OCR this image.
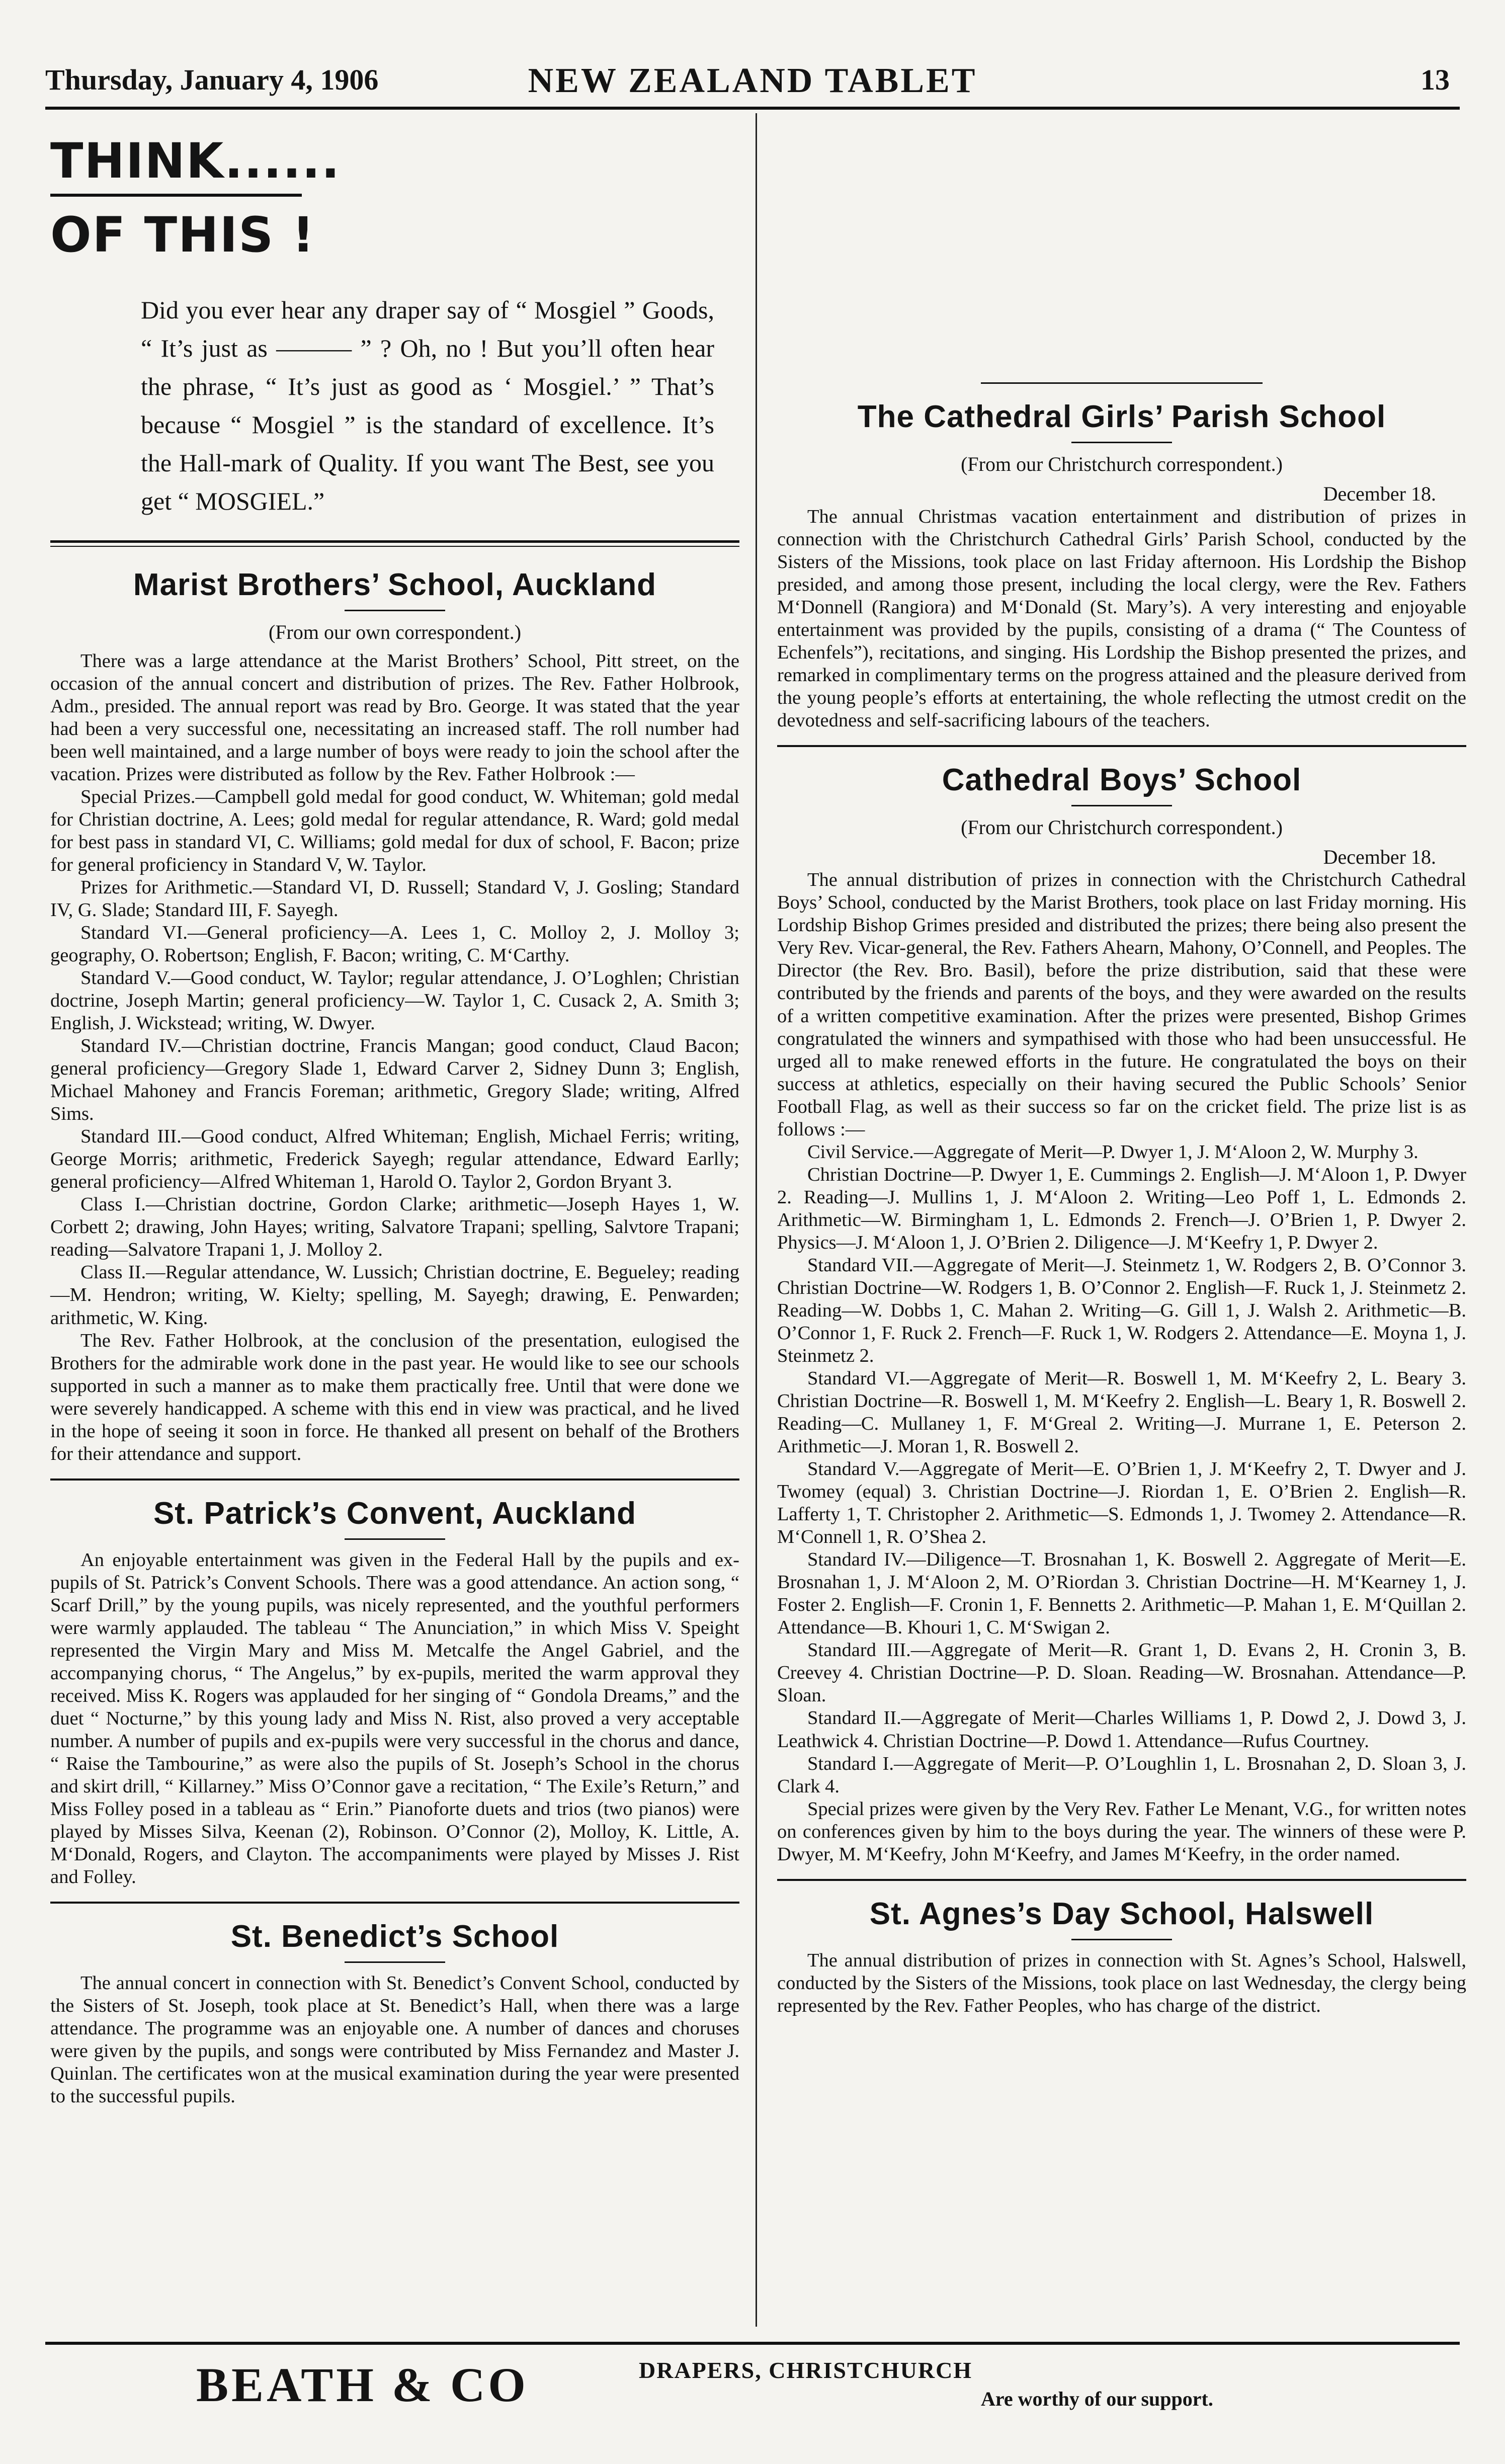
Thursday, January 4, 1906	NEW ZEALAND TABLET	13
THINK......
OF THIS !
Did you ever hear any draper say of “ Mosgiel ” Goods, “ It’s just as ——— ” ? Oh, no ! But you’ll often hear the phrase, “ It’s just as good as ‘ Mosgiel.’ ” That’s because “ Mosgiel ” is the standard of excellence. It’s the Hall-mark of Quality. If you want The Best, see you get “ MOSGIEL.”
Marist Brothers’ School, Auckland
(From our own correspondent.)

There was a large attendance at the Marist Brothers’ School, Pitt street, on the occasion of the annual concert and distribution of prizes. The Rev. Father Holbrook, Adm., presided. The annual report was read by Bro. George. It was stated that the year had been a very successful one, necessitating an increased staff. The roll number had been well maintained, and a large number of boys were ready to join the school after the vacation. Prizes were distributed as follow by the Rev. Father Holbrook :—

Special Prizes.—Campbell gold medal for good conduct, W. Whiteman; gold medal for Christian doctrine, A. Lees; gold medal for regular attendance, R. Ward; gold medal for best pass in standard VI, C. Williams; gold medal for dux of school, F. Bacon; prize for general proficiency in Standard V, W. Taylor.

Prizes for Arithmetic.—Standard VI, D. Russell; Standard V, J. Gosling; Standard IV, G. Slade; Standard III, F. Sayegh.

Standard VI.—General proficiency—A. Lees 1, C. Molloy 2, J. Molloy 3; geography, O. Robertson; English, F. Bacon; writing, C. M‘Carthy.

Standard V.—Good conduct, W. Taylor; regular attendance, J. O’Loghlen; Christian doctrine, Joseph Martin; general proficiency—W. Taylor 1, C. Cusack 2, A. Smith 3; English, J. Wickstead; writing, W. Dwyer.

Standard IV.—Christian doctrine, Francis Mangan; good conduct, Claud Bacon; general proficiency—Gregory Slade 1, Edward Carver 2, Sidney Dunn 3; English, Michael Mahoney and Francis Foreman; arithmetic, Gregory Slade; writing, Alfred Sims.

Standard III.—Good conduct, Alfred Whiteman; English, Michael Ferris; writing, George Morris; arithmetic, Frederick Sayegh; regular attendance, Edward Earlly; general proficiency—Alfred Whiteman 1, Harold O. Taylor 2, Gordon Bryant 3.

Class I.—Christian doctrine, Gordon Clarke; arithmetic—Joseph Hayes 1, W. Corbett 2; drawing, John Hayes; writing, Salvatore Trapani; spelling, Salvtore Trapani; reading—Salvatore Trapani 1, J. Molloy 2.

Class II.—Regular attendance, W. Lussich; Christian doctrine, E. Begueley; reading—M. Hendron; writing, W. Kielty; spelling, M. Sayegh; drawing, E. Penwarden; arithmetic, W. King.

The Rev. Father Holbrook, at the conclusion of the presentation, eulogised the Brothers for the admirable work done in the past year. He would like to see our schools supported in such a manner as to make them practically free. Until that were done we were severely handicapped. A scheme with this end in view was practical, and he lived in the hope of seeing it soon in force. He thanked all present on behalf of the Brothers for their attendance and support.

St. Patrick’s Convent, Auckland

An enjoyable entertainment was given in the Federal Hall by the pupils and ex-pupils of St. Patrick’s Convent Schools. There was a good attendance. An action song, “ Scarf Drill,” by the young pupils, was nicely represented, and the youthful performers were warmly applauded. The tableau “ The Anunciation,” in which Miss V. Speight represented the Virgin Mary and Miss M. Metcalfe the Angel Gabriel, and the accompanying chorus, “ The Angelus,” by ex-pupils, merited the warm approval they received. Miss K. Rogers was applauded for her singing of “ Gondola Dreams,” and the duet “ Nocturne,” by this young lady and Miss N. Rist, also proved a very acceptable number. A number of pupils and ex-pupils were very successful in the chorus and dance, “ Raise the Tambourine,” as were also the pupils of St. Joseph’s School in the chorus and skirt drill, “ Killarney.” Miss O’Connor gave a recitation, “ The Exile’s Return,” and Miss Folley posed in a tableau as “ Erin.” Pianoforte duets and trios (two pianos) were played by Misses Silva, Keenan (2), Robinson. O’Connor (2), Molloy, K. Little, A. M‘Donald, Rogers, and Clayton. The accompaniments were played by Misses J. Rist and Folley.

St. Benedict’s School

The annual concert in connection with St. Benedict’s Convent School, conducted by the Sisters of St. Joseph, took place at St. Benedict’s Hall, when there was a large attendance. The programme was an enjoyable one. A number of dances and choruses were given by the pupils, and songs were contributed by Miss Fernandez and Master J. Quinlan. The certificates won at the musical examination during the year were presented to the successful pupils.

The Cathedral Girls’ Parish School
(From our Christchurch correspondent.)
December 18.

The annual Christmas vacation entertainment and distribution of prizes in connection with the Christchurch Cathedral Girls’ Parish School, conducted by the Sisters of the Missions, took place on last Friday afternoon. His Lordship the Bishop presided, and among those present, including the local clergy, were the Rev. Fathers M‘Donnell (Rangiora) and M‘Donald (St. Mary’s). A very interesting and enjoyable entertainment was provided by the pupils, consisting of a drama (“ The Countess of Echenfels”), recitations, and singing. His Lordship the Bishop presented the prizes, and remarked in complimentary terms on the progress attained and the pleasure derived from the young people’s efforts at entertaining, the whole reflecting the utmost credit on the devotedness and self-sacrificing labours of the teachers.

Cathedral Boys’ School
(From our Christchurch correspondent.)
December 18.

The annual distribution of prizes in connection with the Christchurch Cathedral Boys’ School, conducted by the Marist Brothers, took place on last Friday morning. His Lordship Bishop Grimes presided and distributed the prizes; there being also present the Very Rev. Vicar-general, the Rev. Fathers Ahearn, Mahony, O’Connell, and Peoples. The Director (the Rev. Bro. Basil), before the prize distribution, said that these were contributed by the friends and parents of the boys, and they were awarded on the results of a written competitive examination. After the prizes were presented, Bishop Grimes congratulated the winners and sympathised with those who had been unsuccessful. He urged all to make renewed efforts in the future. He congratulated the boys on their success at athletics, especially on their having secured the Public Schools’ Senior Football Flag, as well as their success so far on the cricket field. The prize list is as follows :—

Civil Service.—Aggregate of Merit—P. Dwyer 1, J. M‘Aloon 2, W. Murphy 3.

Christian Doctrine—P. Dwyer 1, E. Cummings 2. English—J. M‘Aloon 1, P. Dwyer 2. Reading—J. Mullins 1, J. M‘Aloon 2. Writing—Leo Poff 1, L. Edmonds 2. Arithmetic—W. Birmingham 1, L. Edmonds 2. French—J. O’Brien 1, P. Dwyer 2. Physics—J. M‘Aloon 1, J. O’Brien 2. Diligence—J. M‘Keefry 1, P. Dwyer 2.

Standard VII.—Aggregate of Merit—J. Steinmetz 1, W. Rodgers 2, B. O’Connor 3. Christian Doctrine—W. Rodgers 1, B. O’Connor 2. English—F. Ruck 1, J. Steinmetz 2. Reading—W. Dobbs 1, C. Mahan 2. Writing—G. Gill 1, J. Walsh 2. Arithmetic—B. O’Connor 1, F. Ruck 2. French—F. Ruck 1, W. Rodgers 2. Attendance—E. Moyna 1, J. Steinmetz 2.

Standard VI.—Aggregate of Merit—R. Boswell 1, M. M‘Keefry 2, L. Beary 3. Christian Doctrine—R. Boswell 1, M. M‘Keefry 2. English—L. Beary 1, R. Boswell 2. Reading—C. Mullaney 1, F. M‘Greal 2. Writing—J. Murrane 1, E. Peterson 2. Arithmetic—J. Moran 1, R. Boswell 2.

Standard V.—Aggregate of Merit—E. O’Brien 1, J. M‘Keefry 2, T. Dwyer and J. Twomey (equal) 3. Christian Doctrine—J. Riordan 1, E. O’Brien 2. English—R. Lafferty 1, T. Christopher 2. Arithmetic—S. Edmonds 1, J. Twomey 2. Attendance—R. M‘Connell 1, R. O’Shea 2.

Standard IV.—Diligence—T. Brosnahan 1, K. Boswell 2. Aggregate of Merit—E. Brosnahan 1, J. M‘Aloon 2, M. O’Riordan 3. Christian Doctrine—H. M‘Kearney 1, J. Foster 2. English—F. Cronin 1, F. Bennetts 2. Arithmetic—P. Mahan 1, E. M‘Quillan 2. Attendance—B. Khouri 1, C. M‘Swigan 2.

Standard III.—Aggregate of Merit—R. Grant 1, D. Evans 2, H. Cronin 3, B. Creevey 4. Christian Doctrine—P. D. Sloan. Reading—W. Brosnahan. Attendance—P. Sloan.

Standard II.—Aggregate of Merit—Charles Williams 1, P. Dowd 2, J. Dowd 3, J. Leathwick 4. Christian Doctrine—P. Dowd 1. Attendance—Rufus Courtney.

Standard I.—Aggregate of Merit—P. O’Loughlin 1, L. Brosnahan 2, D. Sloan 3, J. Clark 4.

Special prizes were given by the Very Rev. Father Le Menant, V.G., for written notes on conferences given by him to the boys during the year. The winners of these were P. Dwyer, M. M‘Keefry, John M‘Keefry, and James M‘Keefry, in the order named.

St. Agnes’s Day School, Halswell

The annual distribution of prizes in connection with St. Agnes’s School, Halswell, conducted by the Sisters of the Missions, took place on last Wednesday, the clergy being represented by the Rev. Father Peoples, who has charge of the district.

BEATH & CO	DRAPERS, CHRISTCHURCH
Are worthy of our support.
